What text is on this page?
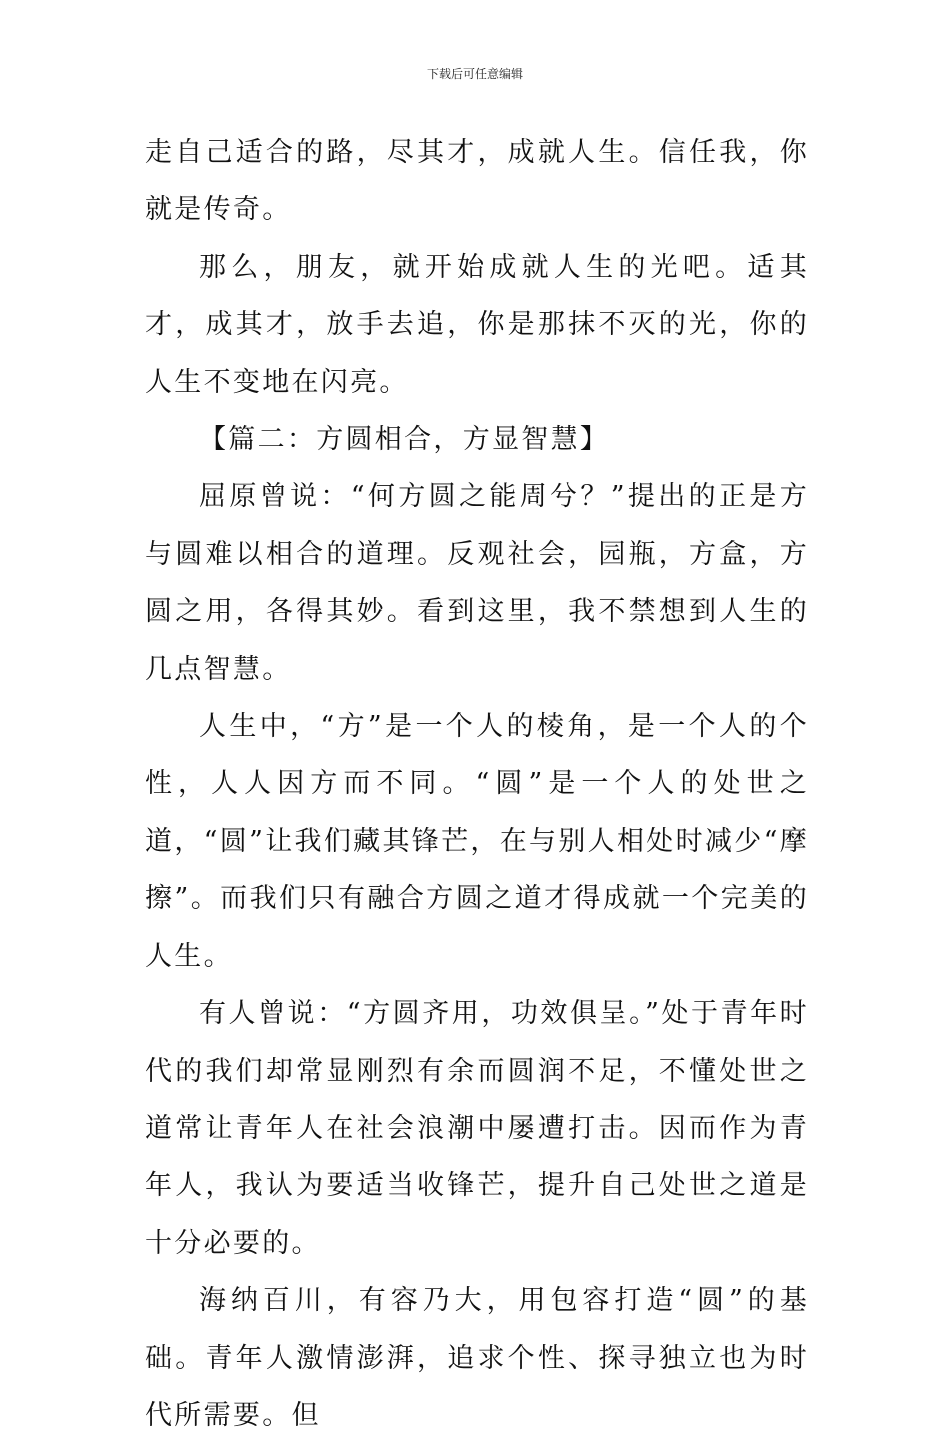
下载后可任意编辑

走自己适合的路，尽其才，成就人生。信任我，你就是传奇。

那么，朋友，就开始成就人生的光吧。适其才，成其才，放手去追，你是那抹不灭的光，你的人生不变地在闪亮。

【篇二：方圆相合，方显智慧】

屈原曾说：“何方圆之能周兮？”提出的正是方与圆难以相合的道理。反观社会，园瓶，方盒，方圆之用，各得其妙。看到这里，我不禁想到人生的几点智慧。

人生中，“方”是一个人的棱角，是一个人的个性，人人因方而不同。“圆”是一个人的处世之道，“圆”让我们藏其锋芒，在与别人相处时减少“摩擦”。而我们只有融合方圆之道才得成就一个完美的人生。

有人曾说：“方圆齐用，功效俱呈。”处于青年时代的我们却常显刚烈有余而圆润不足，不懂处世之道常让青年人在社会浪潮中屡遭打击。因而作为青年人，我认为要适当收锋芒，提升自己处世之道是十分必要的。

海纳百川，有容乃大，用包容打造“圆”的基础。青年人激情澎湃，追求个性、探寻独立也为时代所需要。但
